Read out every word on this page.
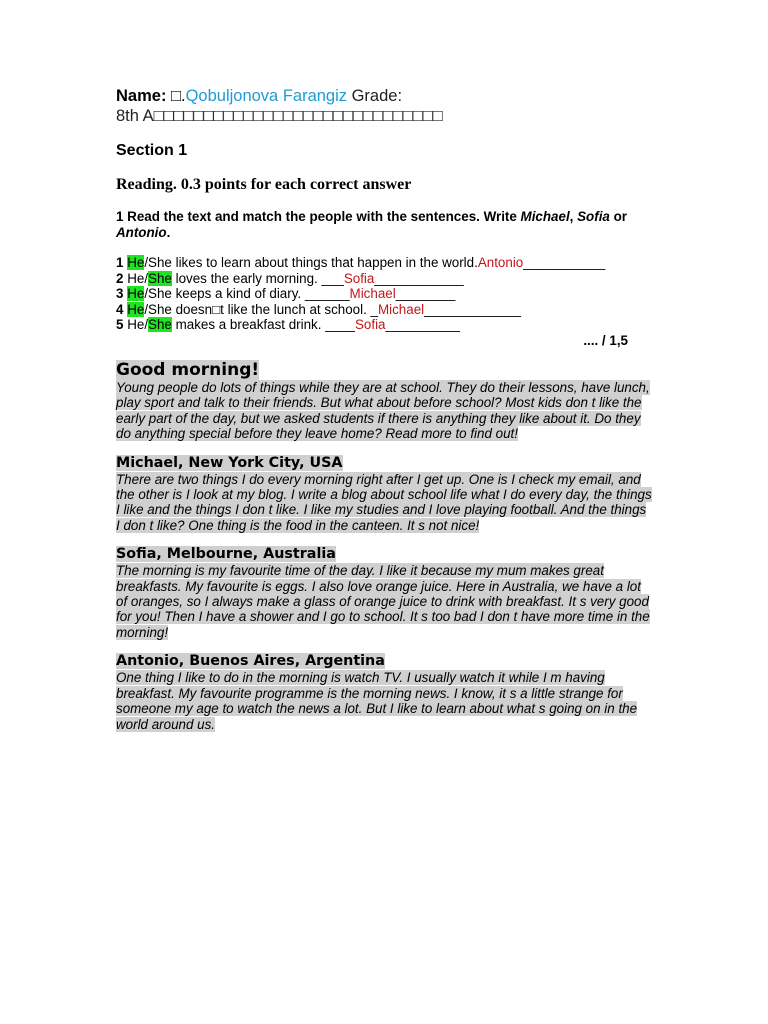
Name: □.Qobuljonova Farangiz Grade:
8th A□□□□□□□□□□□□□□□□□□□□□□□□□□□□□
Section 1
Reading. 0.3 points for each correct answer
1 Read the text and match the people with the sentences. Write Michael, Sofia or Antonio.
1 He/She likes to learn about things that happen in the world.Antonio___________
2 He/She loves the early morning. ___Sofia____________
3 He/She keeps a kind of diary. ______Michael________
4 He/She doesn□t like the lunch at school. _Michael_____________
5 He/She makes a breakfast drink. ____Sofia__________
.... / 1,5
Good morning!
Young people do lots of things while they are at school. They do their lessons, have lunch, play sport and talk to their friends. But what about before school? Most kids don t like the early part of the day, but we asked students if there is anything they like about it. Do they do anything special before they leave home? Read more to find out!
Michael, New York City, USA
There are two things I do every morning right after I get up. One is I check my email, and the other is I look at my blog. I write a blog about school life what I do every day, the things I like and the things I don t like. I like my studies and I love playing football. And the things I don t like? One thing is the food in the canteen. It s not nice!
Sofia, Melbourne, Australia
The morning is my favourite time of the day. I like it because my mum makes great breakfasts. My favourite is eggs. I also love orange juice. Here in Australia, we have a lot of oranges, so I always make a glass of orange juice to drink with breakfast. It s very good for you! Then I have a shower and I go to school. It s too bad I don t have more time in the morning!
Antonio, Buenos Aires, Argentina
One thing I like to do in the morning is watch TV. I usually watch it while I m having breakfast. My favourite programme is the morning news. I know, it s a little strange for someone my age to watch the news a lot. But I like to learn about what s going on in the world around us.
